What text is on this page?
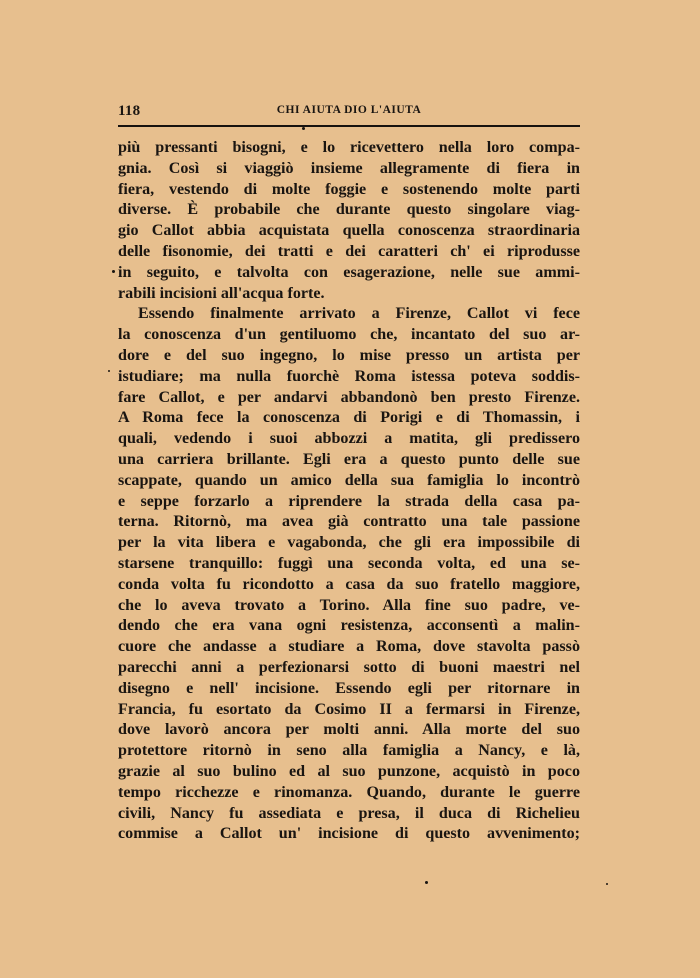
118	CHI AIUTA DIO L'AIUTA
più pressanti bisogni, e lo ricevettero nella loro compa-
gnia. Così si viaggiò insieme allegramente di fiera in
fiera, vestendo di molte foggie e sostenendo molte parti
diverse. È probabile che durante questo singolare viag-
gio Callot abbia acquistata quella conoscenza straordinaria
delle fisonomie, dei tratti e dei caratteri ch' ei riprodusse
in seguito, e talvolta con esagerazione, nelle sue ammi-
rabili incisioni all'acqua forte.
Essendo finalmente arrivato a Firenze, Callot vi fece
la conoscenza d'un gentiluomo che, incantato del suo ar-
dore e del suo ingegno, lo mise presso un artista per
istudiare; ma nulla fuorchè Roma istessa poteva soddis-
fare Callot, e per andarvi abbandonò ben presto Firenze.
A Roma fece la conoscenza di Porigi e di Thomassin, i
quali, vedendo i suoi abbozzi a matita, gli predissero
una carriera brillante. Egli era a questo punto delle sue
scappate, quando un amico della sua famiglia lo incontrò
e seppe forzarlo a riprendere la strada della casa pa-
terna. Ritornò, ma avea già contratto una tale passione
per la vita libera e vagabonda, che gli era impossibile di
starsene tranquillo: fuggì una seconda volta, ed una se-
conda volta fu ricondotto a casa da suo fratello maggiore,
che lo aveva trovato a Torino. Alla fine suo padre, ve-
dendo che era vana ogni resistenza, acconsentì a malin-
cuore che andasse a studiare a Roma, dove stavolta passò
parecchi anni a perfezionarsi sotto di buoni maestri nel
disegno e nell' incisione. Essendo egli per ritornare in
Francia, fu esortato da Cosimo II a fermarsi in Firenze,
dove lavorò ancora per molti anni. Alla morte del suo
protettore ritornò in seno alla famiglia a Nancy, e là,
grazie al suo bulino ed al suo punzone, acquistò in poco
tempo ricchezze e rinomanza. Quando, durante le guerre
civili, Nancy fu assediata e presa, il duca di Richelieu
commise a Callot un' incisione di questo avvenimento;
